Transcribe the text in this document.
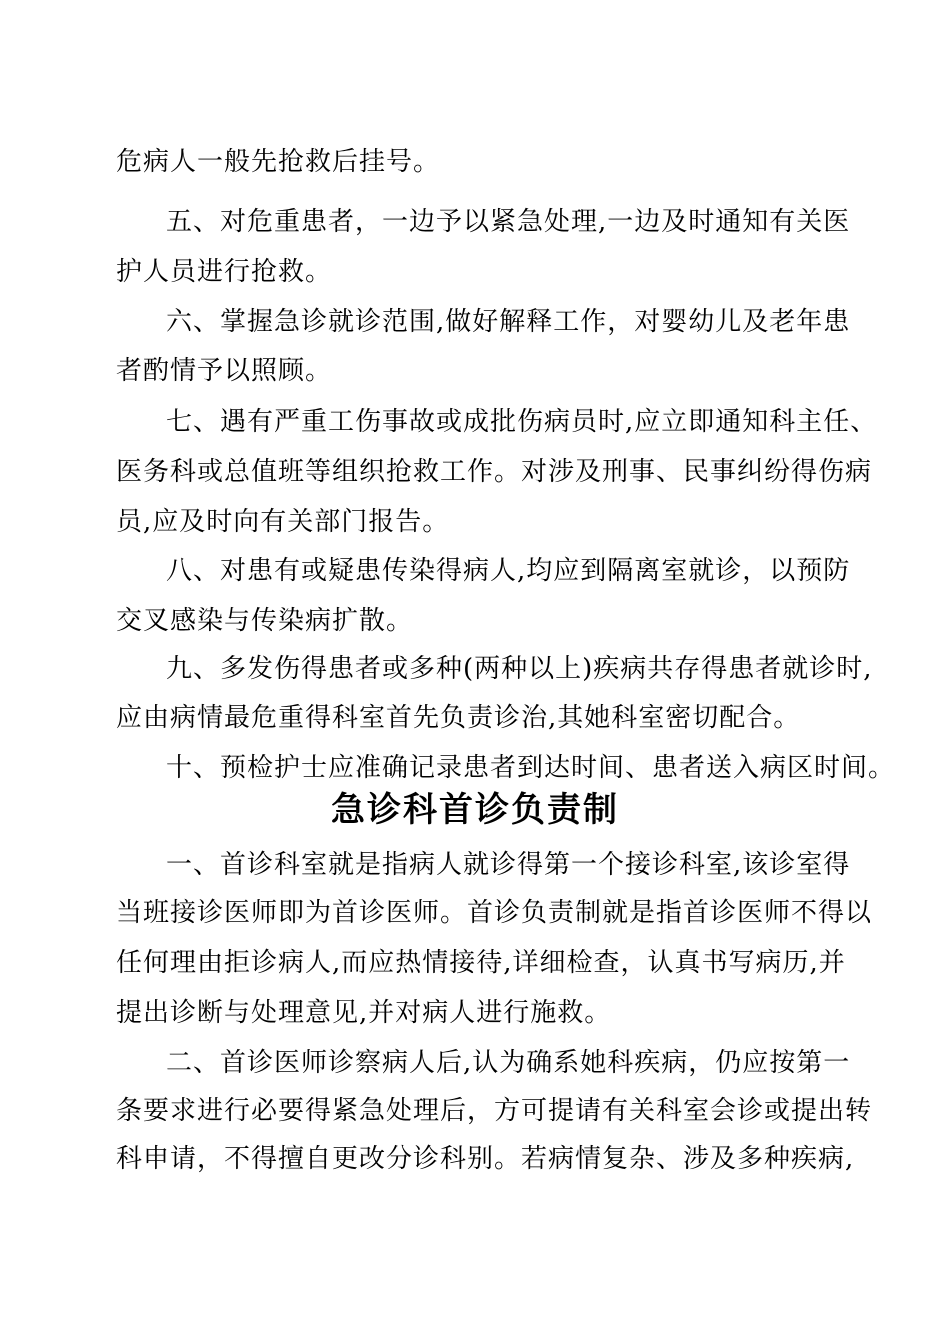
危病人一般先抢救后挂号。
五、对危重患者，一边予以紧急处理,一边及时通知有关医
护人员进行抢救。
六、掌握急诊就诊范围,做好解释工作，对婴幼儿及老年患
者酌情予以照顾。
七、遇有严重工伤事故或成批伤病员时,应立即通知科主任、
医务科或总值班等组织抢救工作。对涉及刑事、民事纠纷得伤病
员,应及时向有关部门报告。
八、对患有或疑患传染得病人,均应到隔离室就诊，以预防
交叉感染与传染病扩散。
九、多发伤得患者或多种(两种以上)疾病共存得患者就诊时,
应由病情最危重得科室首先负责诊治,其她科室密切配合。
十、预检护士应准确记录患者到达时间、患者送入病区时间。
急诊科首诊负责制
一、首诊科室就是指病人就诊得第一个接诊科室,该诊室得
当班接诊医师即为首诊医师。首诊负责制就是指首诊医师不得以
任何理由拒诊病人,而应热情接待,详细检查，认真书写病历,并
提出诊断与处理意见,并对病人进行施救。
二、首诊医师诊察病人后,认为确系她科疾病，仍应按第一
条要求进行必要得紧急处理后，方可提请有关科室会诊或提出转
科申请，不得擅自更改分诊科别。若病情复杂、涉及多种疾病,
